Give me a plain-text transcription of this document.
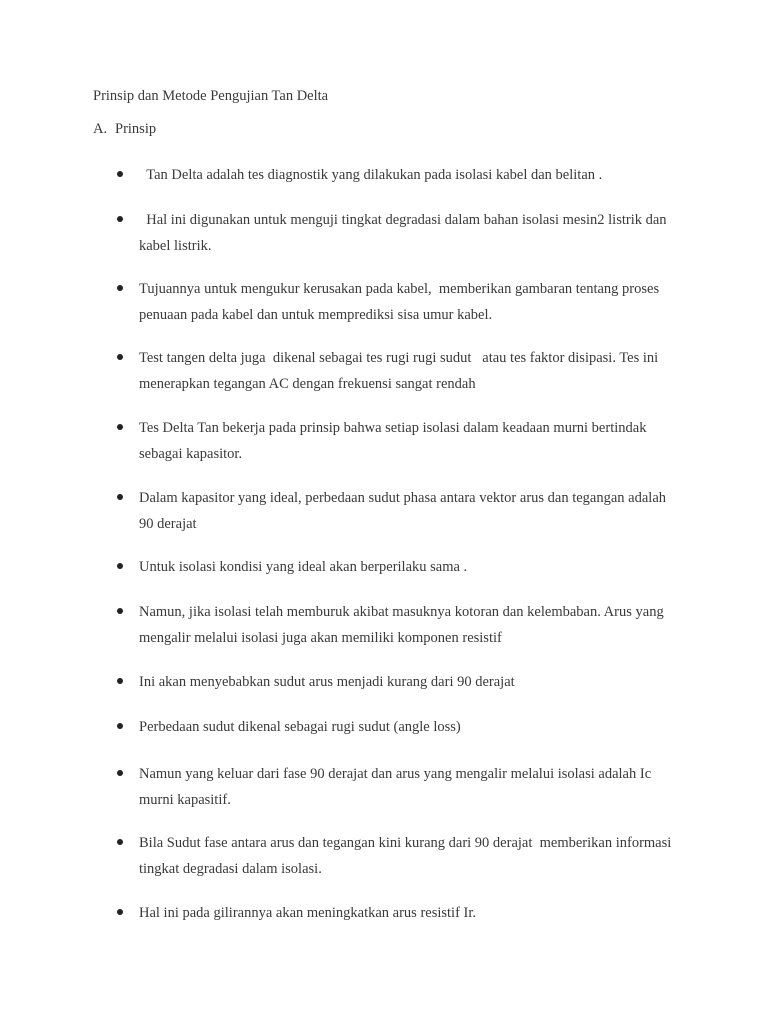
Prinsip dan Metode Pengujian Tan Delta
A. Prinsip
Tan Delta adalah tes diagnostik yang dilakukan pada isolasi kabel dan belitan .
Hal ini digunakan untuk menguji tingkat degradasi dalam bahan isolasi mesin2 listrik dan kabel listrik.
Tujuannya untuk mengukur kerusakan pada kabel,  memberikan gambaran tentang proses penuaan pada kabel dan untuk memprediksi sisa umur kabel.
Test tangen delta juga  dikenal sebagai tes rugi rugi sudut   atau tes faktor disipasi. Tes ini menerapkan tegangan AC dengan frekuensi sangat rendah
Tes Delta Tan bekerja pada prinsip bahwa setiap isolasi dalam keadaan murni bertindak sebagai kapasitor.
Dalam kapasitor yang ideal, perbedaan sudut phasa antara vektor arus dan tegangan adalah  90 derajat
Untuk isolasi kondisi yang ideal akan berperilaku sama .
Namun, jika isolasi telah memburuk akibat masuknya kotoran dan kelembaban. Arus yang mengalir melalui isolasi juga akan memiliki komponen resistif
Ini akan menyebabkan sudut arus menjadi kurang dari 90 derajat
Perbedaan sudut dikenal sebagai rugi sudut (angle loss)
Namun yang keluar dari fase 90 derajat dan arus yang mengalir melalui isolasi adalah Ic murni kapasitif.
Bila Sudut fase antara arus dan tegangan kini kurang dari 90 derajat  memberikan informasi  tingkat degradasi dalam isolasi.
Hal ini pada gilirannya akan meningkatkan arus resistif Ir.
